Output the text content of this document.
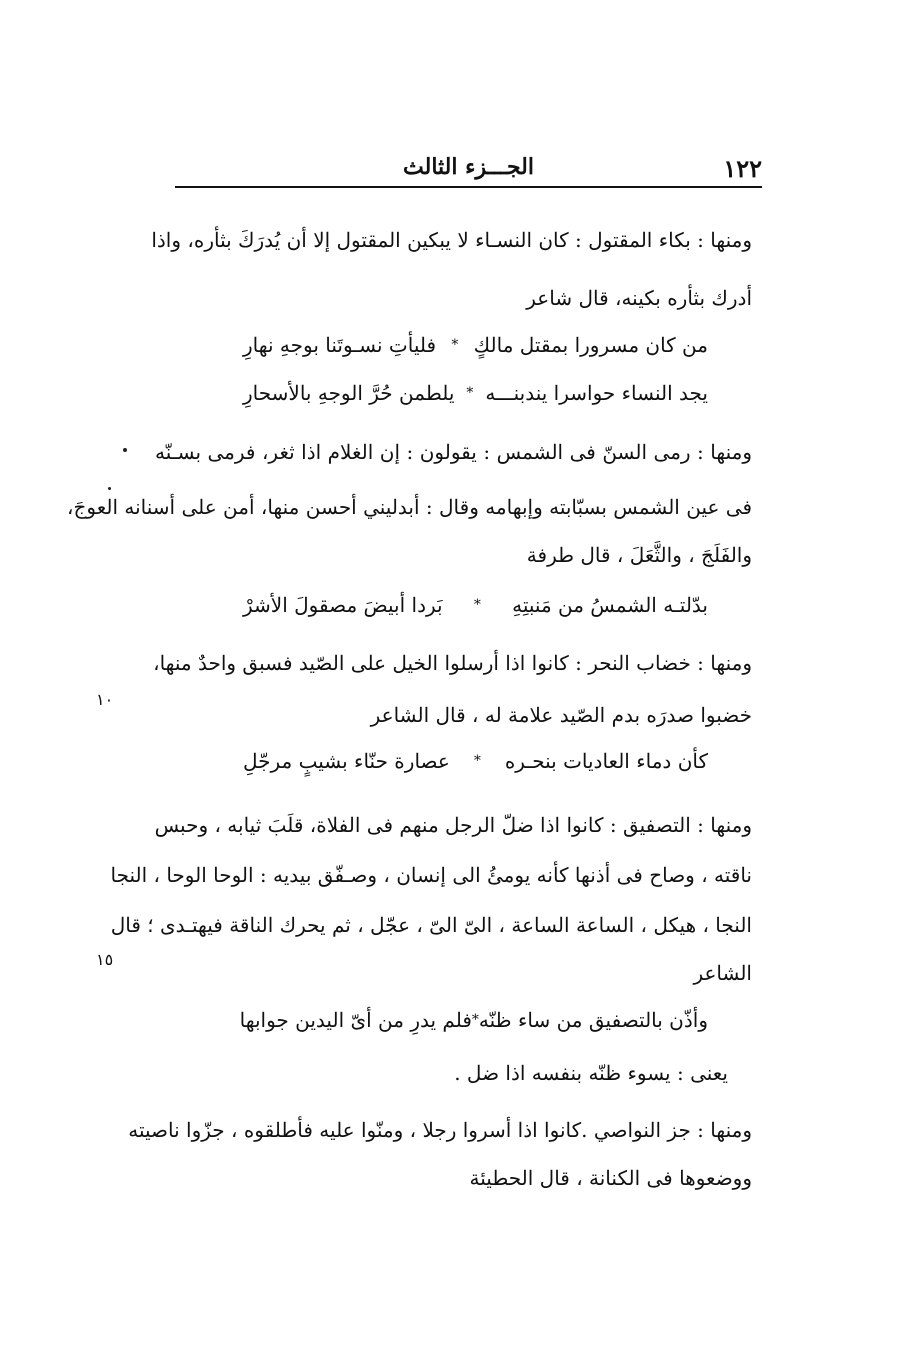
١٢٢
الجـــزء الثالث
ومنها : بكاء المقتول : كان النسـاء لا يبكين المقتول إلا أن يُدرَكَ بثأره، واذا
أدرك بثأره بكينه، قال شاعر
من كان مسرورا بمقتل مالكٍ
*
فليأتِ نسـوتَنا بوجهِ نهارِ
يجد النساء حواسرا يندبنـــه
*
يلطمن حُرَّ الوجهِ بالأسحارِ
ومنها : رمى السنّ فى الشمس : يقولون : إن الغلام اذا ثغر، فرمى بسـنّه
فى عين الشمس بسبّابته وإبهامه وقال : أبدليني أحسن منها، أمن على أسنانه العوجَ،
والفَلَجَ ، والثَّعَلَ ، قال طرفة
بدّلتـه الشمسُ من مَنبتِهِ
*
بَردا أبيضَ مصقولَ الأشرْ
ومنها : خضاب النحر : كانوا اذا أرسلوا الخيل على الصّيد فسبق واحدٌ منها،
خضبوا صدرَه بدم الصّيد علامة له ، قال الشاعر
كأن دماء العاديات بنحـره
*
عصارة حنّاء بشيبٍ مرجّلِ
ومنها : التصفيق : كانوا اذا ضلّ الرجل منهم فى الفلاة، قلَبَ ثيابه ، وحبس
ناقته ، وصاح فى أذنها كأنه يومئُ الى إنسان ، وصـفّق بيديه : الوحا الوحا ، النجا
النجا ، هيكل ، الساعة الساعة ، الىّ الىّ ، عجّل ، ثم يحرك الناقة فيهتـدى ؛ قال
الشاعر
وأذّن بالتصفيق من ساء ظنّه
*
فلم يدرِ من أىّ اليدين جوابها
يعنى : يسوء ظنّه بنفسه اذا ضل .
ومنها : جز النواصي .كانوا اذا أسروا رجلا ، ومنّوا عليه فأطلقوه ، جزّوا ناصيته
ووضعوها فى الكنانة ، قال الحطيئة
١٠
١٥
